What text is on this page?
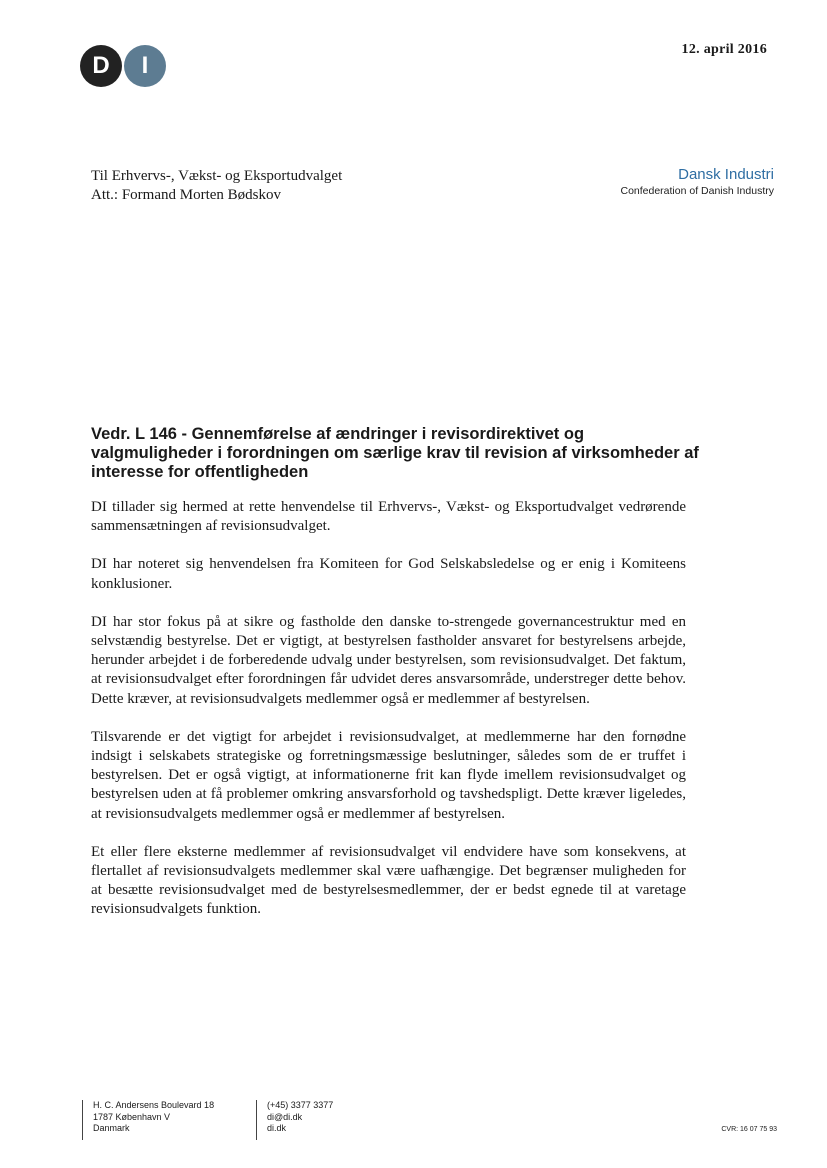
D	I
12. april 2016
Til Erhvervs-, Vækst- og Eksportudvalget
Att.: Formand Morten Bødskov
Dansk Industri
Confederation of Danish Industry
Vedr. L 146 - Gennemførelse af ændringer i revisordirektivet og valgmuligheder i forordningen om særlige krav til revision af virksomheder af interesse for offentligheden

DI tillader sig hermed at rette henvendelse til Erhvervs-, Vækst- og Eksportudvalget vedrørende sammensætningen af revisionsudvalget.

DI har noteret sig henvendelsen fra Komiteen for God Selskabsledelse og er enig i Komiteens konklusioner.

DI har stor fokus på at sikre og fastholde den danske to-strengede governancestruktur med en selvstændig bestyrelse. Det er vigtigt, at bestyrelsen fastholder ansvaret for bestyrelsens arbejde, herunder arbejdet i de forberedende udvalg under bestyrelsen, som revisionsudvalget. Det faktum, at revisionsudvalget efter forordningen får udvidet deres ansvarsområde, understreger dette behov. Dette kræver, at revisionsudvalgets medlemmer også er medlemmer af bestyrelsen.

Tilsvarende er det vigtigt for arbejdet i revisionsudvalget, at medlemmerne har den fornødne indsigt i selskabets strategiske og forretningsmæssige beslutninger, således som de er truffet i bestyrelsen. Det er også vigtigt, at informationerne frit kan flyde imellem revisionsudvalget og bestyrelsen uden at få problemer omkring ansvarsforhold og tavshedspligt. Dette kræver ligeledes, at revisionsudvalgets medlemmer også er medlemmer af bestyrelsen.

Et eller flere eksterne medlemmer af revisionsudvalget vil endvidere have som konsekvens, at flertallet af revisionsudvalgets medlemmer skal være uafhængige. Det begrænser muligheden for at besætte revisionsudvalget med de bestyrelsesmedlemmer, der er bedst egnede til at varetage revisionsudvalgets funktion.

H. C. Andersens Boulevard 18
1787 København V
Danmark
(+45) 3377 3377
di@di.dk
di.dk	CVR: 16 07 75 93
